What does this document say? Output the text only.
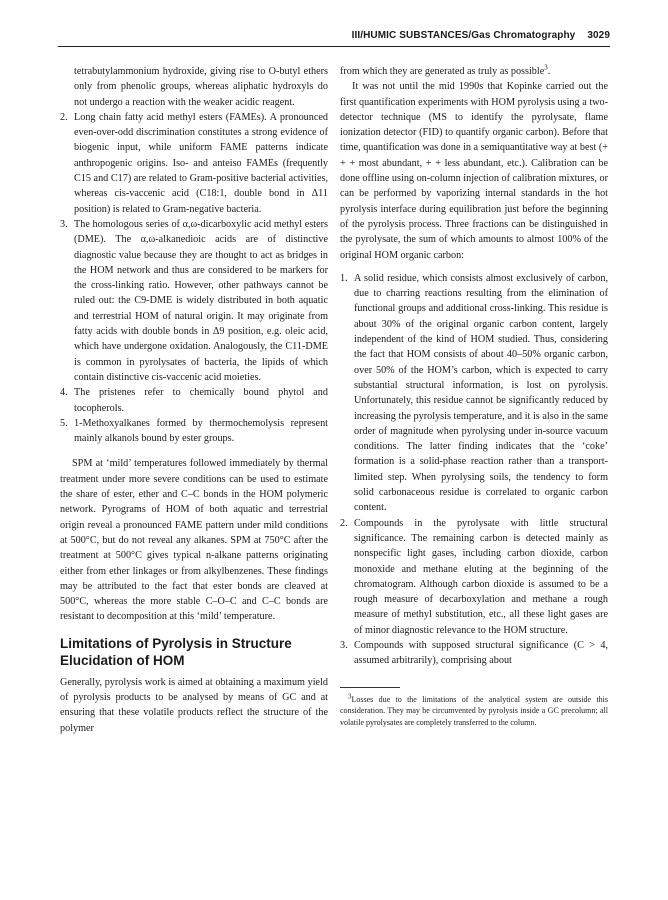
III/HUMIC SUBSTANCES/Gas Chromatography 3029

tetrabutylammonium hydroxide, giving rise to O-butyl ethers only from phenolic groups, whereas aliphatic hydroxyls do not undergo a reaction with the weaker acidic reagent.

2. Long chain fatty acid methyl esters (FAMEs). A pronounced even-over-odd discrimination constitutes a strong evidence of biogenic input, while uniform FAME patterns indicate anthropogenic origins. Iso- and anteiso FAMEs (frequently C15 and C17) are related to Gram-positive bacterial activities, whereas cis-vaccenic acid (C18:1, double bond in Δ11 position) is related to Gram-negative bacteria.
3. The homologous series of α,ω-dicarboxylic acid methyl esters (DME). The α,ω-alkanedioic acids are of distinctive diagnostic value because they are thought to act as bridges in the HOM network and thus are considered to be markers for the cross-linking ratio. However, other pathways cannot be ruled out: the C9-DME is widely distributed in both aquatic and terrestrial HOM of natural origin. It may originate from fatty acids with double bonds in Δ9 position, e.g. oleic acid, which have undergone oxidation. Analogously, the C11-DME is common in pyrolysates of bacteria, the lipids of which contain distinctive cis-vaccenic acid moieties.
4. The pristenes refer to chemically bound phytol and tocopherols.
5. 1-Methoxyalkanes formed by thermochemolysis represent mainly alkanols bound by ester groups.

SPM at ‘mild’ temperatures followed immediately by thermal treatment under more severe conditions can be used to estimate the share of ester, ether and C–C bonds in the HOM polymeric network. Pyrograms of HOM of both aquatic and terrestrial origin reveal a pronounced FAME pattern under mild conditions at 500°C, but do not reveal any alkanes. SPM at 750°C after the treatment at 500°C gives typical n-alkane patterns originating either from ether linkages or from alkylbenzenes. These findings may be attributed to the fact that ester bonds are cleaved at 500°C, whereas the more stable C–O–C and C–C bonds are resistant to decomposition at this ‘mild’ temperature.

Limitations of Pyrolysis in Structure Elucidation of HOM

Generally, pyrolysis work is aimed at obtaining a maximum yield of pyrolysis products to be analysed by means of GC and at ensuring that these volatile products reflect the structure of the polymer

from which they are generated as truly as possible$^3$.

It was not until the mid 1990s that Kopinke carried out the first quantification experiments with HOM pyrolysis using a two-detector technique (MS to identify the pyrolysate, flame ionization detector (FID) to quantify organic carbon). Before that time, quantification was done in a semiquantitative way at best (+ + + most abundant, + + less abundant, etc.). Calibration can be done offline using on-column injection of calibration mixtures, or can be performed by vaporizing internal standards in the hot pyrolysis interface during equilibration just before the beginning of the pyrolysis process. Three fractions can be distinguished in the pyrolysate, the sum of which amounts to almost 100% of the original HOM organic carbon:

1. A solid residue, which consists almost exclusively of carbon, due to charring reactions resulting from the elimination of functional groups and additional cross-linking. This residue is about 30% of the original organic carbon content, largely independent of the kind of HOM studied. Thus, considering the fact that HOM consists of about 40–50% organic carbon, over 50% of the HOM’s carbon, which is expected to carry substantial structural information, is lost on pyrolysis. Unfortunately, this residue cannot be significantly reduced by increasing the pyrolysis temperature, and it is also in the same order of magnitude when pyrolysing under in-source vacuum conditions. The latter finding indicates that the ‘coke’ formation is a solid-phase reaction rather than a transport-limited step. When pyrolysing soils, the tendency to form solid carbonaceous residue is correlated to organic carbon content.
2. Compounds in the pyrolysate with little structural significance. The remaining carbon is detected mainly as nonspecific light gases, including carbon dioxide, carbon monoxide and methane eluting at the beginning of the chromatogram. Although carbon dioxide is assumed to be a rough measure of decarboxylation and methane a rough measure of methyl substitution, etc., all these light gases are of minor diagnostic relevance to the HOM structure.
3. Compounds with supposed structural significance (C > 4, assumed arbitrarily), comprising about

$^3$Losses due to the limitations of the analytical system are outside this consideration. They may be circumvented by pyrolysis inside a GC precolumn; all volatile pyrolysates are completely transferred to the column.
